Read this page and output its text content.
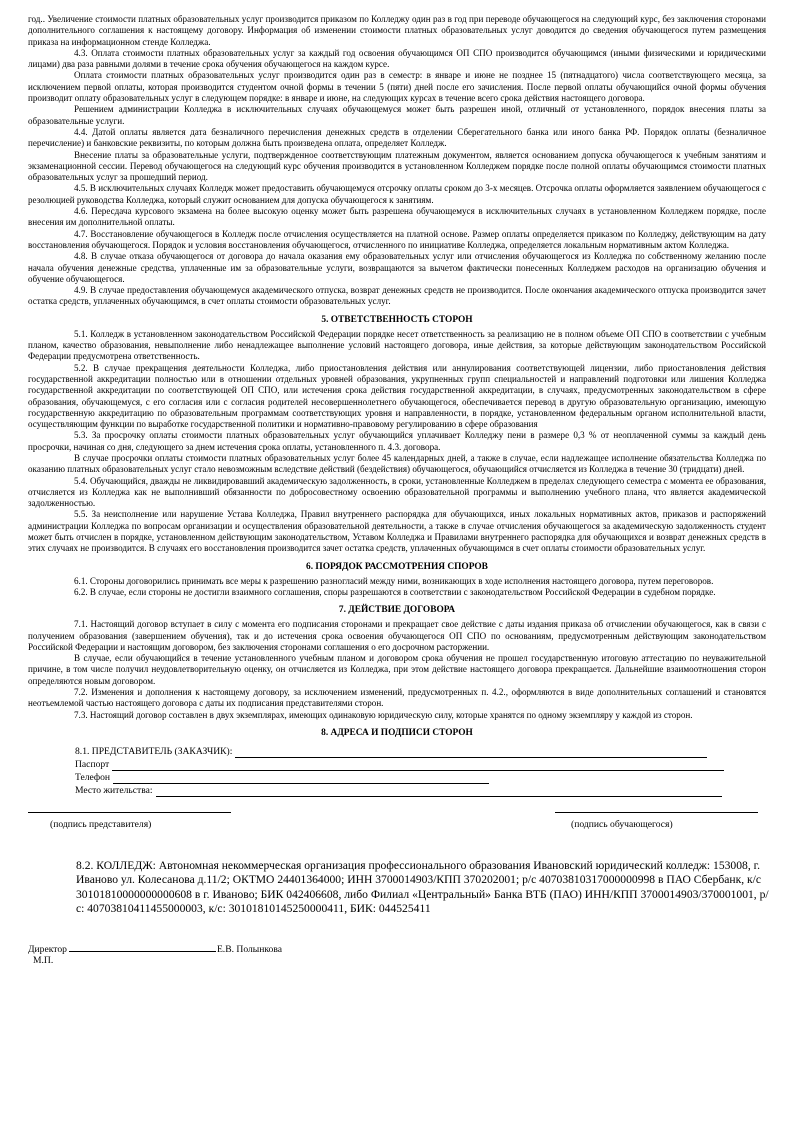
год.. Увеличение стоимости платных образовательных услуг производится приказом по Колледжу один раз в год при переводе обучающегося на следующий курс, без заключения сторонами дополнительного соглашения к настоящему договору. Информация об изменении стоимости платных образовательных услуг доводится до сведения обучающегося путем размещения приказа на информационном стенде Колледжа.

4.3. Оплата стоимости платных образовательных услуг за каждый год освоения обучающимся ОП СПО производится обучающимся (иными физическими и юридическими лицами) два раза равными долями в течение срока обучения обучающегося на каждом курсе.

Оплата стоимости платных образовательных услуг производится один раз в семестр: в январе и июне не позднее 15 (пятнадцатого) числа соответствующего месяца, за исключением первой оплаты, которая производится студентом очной формы в течении 5 (пяти) дней после его зачисления. После первой оплаты обучающийся очной формы обучения производит оплату образовательных услуг в следующем порядке: в январе и июне, на следующих курсах в течение всего срока действия настоящего договора.

Решением администрации Колледжа в исключительных случаях обучающемуся может быть разрешен иной, отличный от установленного, порядок внесения платы за образовательные услуги.

4.4. Датой оплаты является дата безналичного перечисления денежных средств в отделении Сберегательного банка или иного банка РФ. Порядок оплаты (безналичное перечисление) и банковские реквизиты, по которым должна быть произведена оплата, определяет Колледж.

Внесение платы за образовательные услуги, подтвержденное соответствующим платежным документом, является основанием допуска обучающегося к учебным занятиям и экзаменационной сессии. Перевод обучающегося на следующий курс обучения производится в установленном Колледжем порядке после полной оплаты обучающимся стоимости платных образовательных услуг за прошедший период.

4.5. В исключительных случаях Колледж может предоставить обучающемуся отсрочку оплаты сроком до 3-х месяцев. Отсрочка оплаты оформляется заявлением обучающегося с резолюцией руководства Колледжа, который служит основанием для допуска обучающегося к занятиям.

4.6. Пересдача курсового экзамена на более высокую оценку может быть разрешена обучающемуся в исключительных случаях в установленном Колледжем порядке, после внесения им дополнительной оплаты.

4.7. Восстановление обучающегося в Колледж после отчисления осуществляется на платной основе. Размер оплаты определяется приказом по Колледжу, действующим на дату восстановления обучающегося. Порядок и условия восстановления обучающегося, отчисленного по инициативе Колледжа, определяется локальным нормативным актом Колледжа.

4.8. В случае отказа обучающегося от договора до начала оказания ему образовательных услуг или отчисления обучающегося из Колледжа по собственному желанию после начала обучения денежные средства, уплаченные им за образовательные услуги, возвращаются за вычетом фактически понесенных Колледжем расходов на организацию обучения и обучение обучающегося.

4.9. В случае предоставления обучающемуся академического отпуска, возврат денежных средств не производится. После окончания академического отпуска производится зачет остатка средств, уплаченных обучающимся, в счет оплаты стоимости образовательных услуг.

5. ОТВЕТСТВЕННОСТЬ СТОРОН

5.1. Колледж в установленном законодательством Российской Федерации порядке несет ответственность за реализацию не в полном объеме ОП СПО в соответствии с учебным планом, качество образования, невыполнение либо ненадлежащее выполнение условий настоящего договора, иные действия, за которые действующим законодательством Российской Федерации предусмотрена ответственность.

5.2. В случае прекращения деятельности Колледжа, либо приостановления действия или аннулирования соответствующей лицензии, либо приостановления действия государственной аккредитации полностью или в отношении отдельных уровней образования, укрупненных групп специальностей и направлений подготовки или лишения Колледжа государственной аккредитации по соответствующей ОП СПО, или истечения срока действия государственной аккредитации, в случаях, предусмотренных законодательством в сфере образования, обучающемуся, с его согласия или с согласия родителей несовершеннолетнего обучающегося, обеспечивается перевод в другую образовательную организацию, имеющую государственную аккредитацию по образовательным программам соответствующих уровня и направленности, в порядке, установленном федеральным органом исполнительной власти, осуществляющим функции по выработке государственной политики и нормативно-правовому регулированию в сфере образования

5.3. За просрочку оплаты стоимости платных образовательных услуг обучающийся уплачивает Колледжу пени в размере 0,3 % от неоплаченной суммы за каждый день просрочки, начиная со дня, следующего за днем истечения срока оплаты, установленного п. 4.3. договора.

В случае просрочки оплаты стоимости платных образовательных услуг более 45 календарных дней, а также в случае, если надлежащее исполнение обязательства Колледжа по оказанию платных образовательных услуг стало невозможным вследствие действий (бездействия) обучающегося, обучающийся отчисляется из Колледжа в течение 30 (тридцати) дней.

5.4. Обучающийся, дважды не ликвидировавший академическую задолженность, в сроки, установленные Колледжем в пределах следующего семестра с момента ее образования, отчисляется из Колледжа как не выполнивший обязанности по добросовестному освоению образовательной программы и выполнению учебного плана, что является академической задолженностью.

5.5. За неисполнение или нарушение Устава Колледжа, Правил внутреннего распорядка для обучающихся, иных локальных нормативных актов, приказов и распоряжений администрации Колледжа по вопросам организации и осуществления образовательной деятельности, а также в случае отчисления обучающегося за академическую задолженность студент может быть отчислен в порядке, установленном действующим законодательством, Уставом Колледжа и Правилами внутреннего распорядка для обучающихся и возврат денежных средств в этих случаях не производится. В случаях его восстановления производится зачет остатка средств, уплаченных обучающимся в счет оплаты стоимости образовательных услуг.

6. ПОРЯДОК РАССМОТРЕНИЯ СПОРОВ

6.1. Стороны договорились принимать все меры к разрешению разногласий между ними, возникающих в ходе исполнения настоящего договора, путем переговоров.

6.2. В случае, если стороны не достигли взаимного соглашения, споры разрешаются в соответствии с законодательством Российской Федерации в судебном порядке.

7. ДЕЙСТВИЕ ДОГОВОРА

7.1. Настоящий договор вступает в силу с момента его подписания сторонами и прекращает свое действие с даты издания приказа об отчислении обучающегося, как в связи с получением образования (завершением обучения), так и до истечения срока освоения обучающегося ОП СПО по основаниям, предусмотренным действующим законодательством Российской Федерации и настоящим договором, без заключения сторонами соглашения о его досрочном расторжении.

В случае, если обучающийся в течение установленного учебным планом и договором срока обучения не прошел государственную итоговую аттестацию по неуважительной причине, в том числе получил неудовлетворительную оценку, он отчисляется из Колледжа, при этом действие настоящего договора прекращается. Дальнейшие взаимоотношения сторон определяются новым договором.

7.2. Изменения и дополнения к настоящему договору, за исключением изменений, предусмотренных п. 4.2., оформляются в виде дополнительных соглашений и становятся неотъемлемой частью настоящего договора с даты их подписания представителями сторон.

7.3. Настоящий договор составлен в двух экземплярах, имеющих одинаковую юридическую силу, которые хранятся по одному экземпляру у каждой из сторон.

8. АДРЕСА И ПОДПИСИ СТОРОН
8.1. ПРЕДСТАВИТЕЛЬ (ЗАКАЗЧИК):
Паспорт
Телефон
Место жительства:
(подпись представителя)	(подпись обучающегося)
8.2. КОЛЛЕДЖ: Автономная некоммерческая организация профессионального образования Ивановский юридический колледж: 153008, г. Иваново ул. Колесанова д.11/2; ОКТМО 24401364000; ИНН 3700014903/КПП 370202001; р/с 40703810317000000998 в ПАО Сбербанк, к/с 30101810000000000608 в г. Иваново; БИК 042406608, либо Филиал «Центральный» Банка ВТБ (ПАО) ИНН/КПП 3700014903/370001001, р/с: 40703810411455000003, к/с: 30101810145250000411, БИК: 044525411
Директор	Е.В. Полынкова
М.П.
